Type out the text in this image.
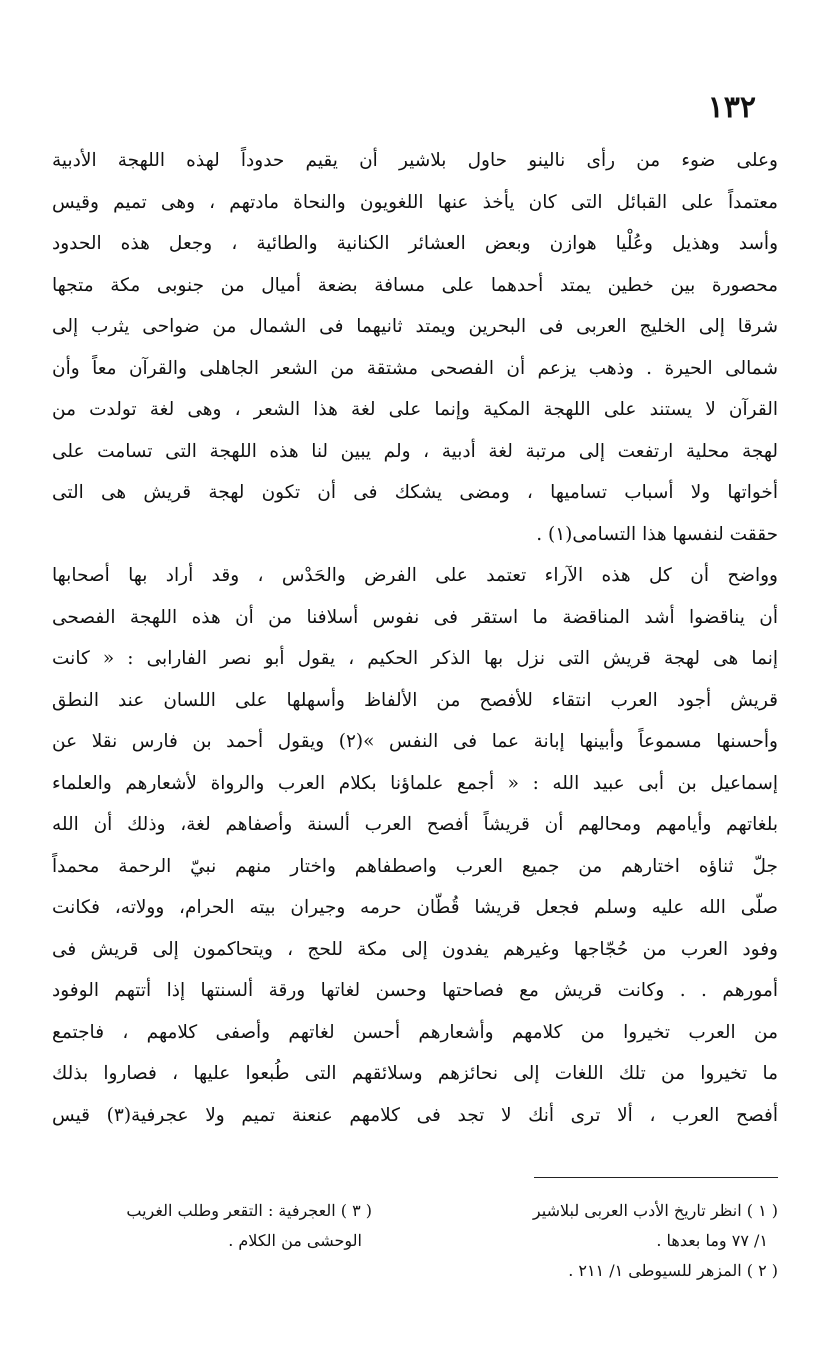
١٣٢
وعلى ضوء من رأى نالينو حاول بلاشير أن يقيم حدوداً لهذه اللهجة الأدبية
معتمداً على القبائل التى كان يأخذ عنها اللغويون والنحاة مادتهم ، وهى تميم وقيس
وأسد وهذيل وعُلْيا هوازن وبعض العشائر الكنانية والطائية ، وجعل هذه الحدود
محصورة بين خطين يمتد أحدهما على مسافة بضعة أميال من جنوبى مكة متجها
شرقا إلى الخليج العربى فى البحرين ويمتد ثانيهما فى الشمال من ضواحى يثرب إلى
شمالى الحيرة . وذهب يزعم أن الفصحى مشتقة من الشعر الجاهلى والقرآن معاً وأن
القرآن لا يستند على اللهجة المكية وإنما على لغة هذا الشعر ، وهى لغة تولدت من
لهجة محلية ارتفعت إلى مرتبة لغة أدبية ، ولم يبين لنا هذه اللهجة التى تسامت على
أخواتها ولا أسباب تساميها ، ومضى يشكك فى أن تكون لهجة قريش هى التى
حققت لنفسها هذا التسامى(١) .
وواضح أن كل هذه الآراء تعتمد على الفرض والحَدْس ، وقد أراد بها أصحابها
أن يناقضوا أشد المناقضة ما استقر فى نفوس أسلافنا من أن هذه اللهجة الفصحى
إنما هى لهجة قريش التى نزل بها الذكر الحكيم ، يقول أبو نصر الفارابى : « كانت
قريش أجود العرب انتقاء للأفصح من الألفاظ وأسهلها على اللسان عند النطق
وأحسنها مسموعاً وأبينها إبانة عما فى النفس »(٢) ويقول أحمد بن فارس نقلا عن
إسماعيل بن أبى عبيد الله : « أجمع علماؤنا بكلام العرب والرواة لأشعارهم والعلماء
بلغاتهم وأيامهم ومحالهم أن قريشاً أفصح العرب ألسنة وأصفاهم لغة، وذلك أن الله
جلّ ثناؤه اختارهم من جميع العرب واصطفاهم واختار منهم نبيّ الرحمة محمداً
صلّى الله عليه وسلم فجعل قريشا قُطّان حرمه وجيران بيته الحرام، وولاته، فكانت
وفود العرب من حُجّاجها وغيرهم يفدون إلى مكة للحج ، ويتحاكمون إلى قريش فى
أمورهم . . وكانت قريش مع فصاحتها وحسن لغاتها ورقة ألسنتها إذا أتتهم الوفود
من العرب تخيروا من كلامهم وأشعارهم أحسن لغاتهم وأصفى كلامهم ، فاجتمع
ما تخيروا من تلك اللغات إلى نحائزهم وسلائقهم التى طُبعوا عليها ، فصاروا بذلك
أفصح العرب ، ألا ترى أنك لا تجد فى كلامهم عنعنة تميم ولا عجرفية(٣) قيس
( ١ ) انظر تاريخ الأدب العربى لبلاشير
١/ ٧٧ وما بعدها .
( ٢ ) المزهر للسيوطى ١/ ٢١١ .
( ٣ ) العجرفية : التقعر وطلب الغريب
الوحشى من الكلام .
